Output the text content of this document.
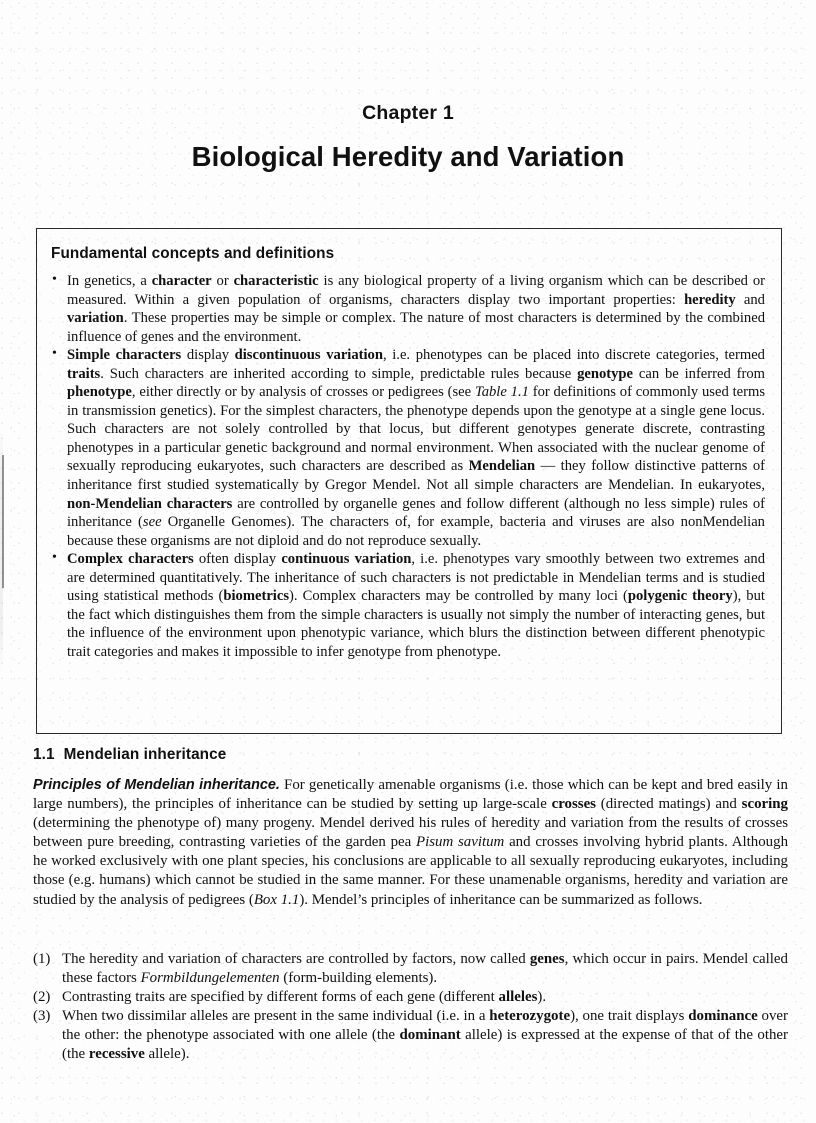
Chapter 1
Biological Heredity and Variation
Fundamental concepts and definitions
• In genetics, a character or characteristic is any biological property of a living organism which can be described or measured. Within a given population of organisms, characters display two important properties: heredity and variation. These properties may be simple or complex. The nature of most characters is determined by the combined influence of genes and the environment.
• Simple characters display discontinuous variation, i.e. phenotypes can be placed into discrete categories, termed traits. Such characters are inherited according to simple, predictable rules because genotype can be inferred from phenotype, either directly or by analysis of crosses or pedigrees (see Table 1.1 for definitions of commonly used terms in transmission genetics). For the simplest characters, the phenotype depends upon the genotype at a single gene locus. Such characters are not solely controlled by that locus, but different genotypes generate discrete, contrasting phenotypes in a particular genetic background and normal environment. When associated with the nuclear genome of sexually reproducing eukaryotes, such characters are described as Mendelian — they follow distinctive patterns of inheritance first studied systematically by Gregor Mendel. Not all simple characters are Mendelian. In eukaryotes, non-Mendelian characters are controlled by organelle genes and follow different (although no less simple) rules of inheritance (see Organelle Genomes). The characters of, for example, bacteria and viruses are also nonMendelian because these organisms are not diploid and do not reproduce sexually.
• Complex characters often display continuous variation, i.e. phenotypes vary smoothly between two extremes and are determined quantitatively. The inheritance of such characters is not predictable in Mendelian terms and is studied using statistical methods (biometrics). Complex characters may be controlled by many loci (polygenic theory), but the fact which distinguishes them from the simple characters is usually not simply the number of interacting genes, but the influence of the environment upon phenotypic variance, which blurs the distinction between different phenotypic trait categories and makes it impossible to infer genotype from phenotype.
1.1 Mendelian inheritance

Principles of Mendelian inheritance. For genetically amenable organisms (i.e. those which can be kept and bred easily in large numbers), the principles of inheritance can be studied by setting up large-scale crosses (directed matings) and scoring (determining the phenotype of) many progeny. Mendel derived his rules of heredity and variation from the results of crosses between pure breeding, contrasting varieties of the garden pea Pisum savitum and crosses involving hybrid plants. Although he worked exclusively with one plant species, his conclusions are applicable to all sexually reproducing eukaryotes, including those (e.g. humans) which cannot be studied in the same manner. For these unamenable organisms, heredity and variation are studied by the analysis of pedigrees (Box 1.1). Mendel’s principles of inheritance can be summarized as follows.

(1) The heredity and variation of characters are controlled by factors, now called genes, which occur in pairs. Mendel called these factors Formbildungelementen (form-building elements).
(2) Contrasting traits are specified by different forms of each gene (different alleles).
(3) When two dissimilar alleles are present in the same individual (i.e. in a heterozygote), one trait displays dominance over the other: the phenotype associated with one allele (the dominant allele) is expressed at the expense of that of the other (the recessive allele).
